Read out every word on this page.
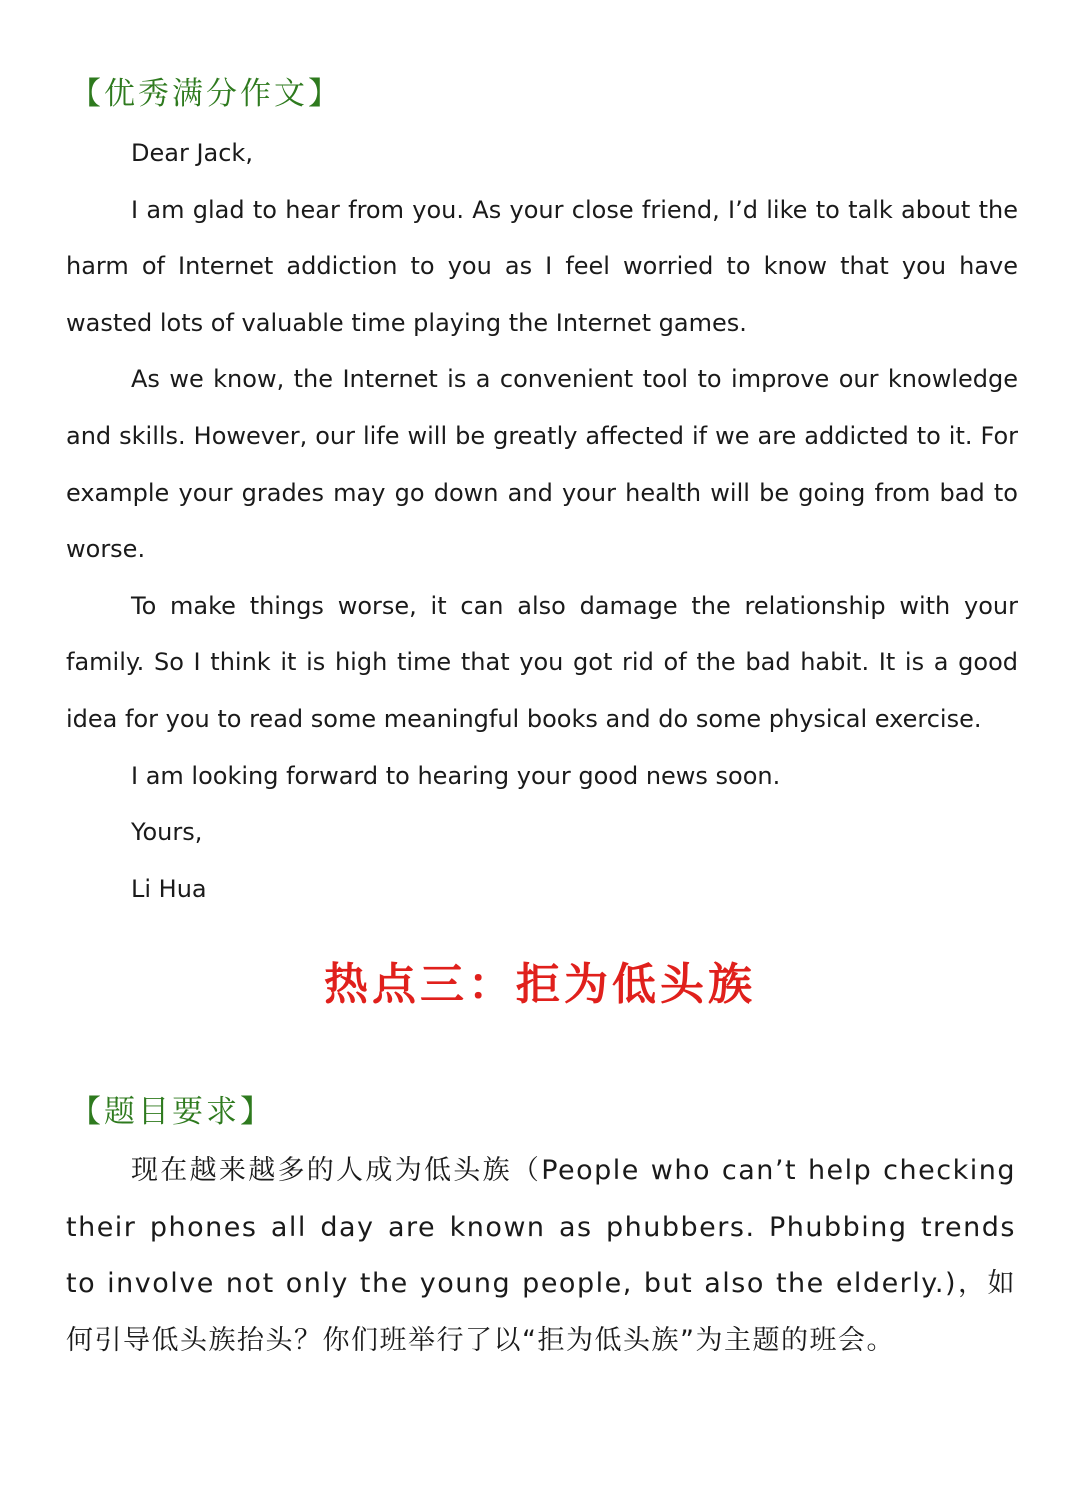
【优秀满分作文】

Dear Jack,

I am glad to hear from you. As your close friend, I’d like to talk about the harm of Internet addiction to you as I feel worried to know that you have wasted lots of valuable time playing the Internet games.

As we know, the Internet is a convenient tool to improve our knowledge and skills. However, our life will be greatly affected if we are addicted to it. For example your grades may go down and your health will be going from bad to worse.

To make things worse, it can also damage the relationship with your family. So I think it is high time that you got rid of the bad habit. It is a good idea for you to read some meaningful books and do some physical exercise.

I am looking forward to hearing your good news soon.

Yours,

Li Hua

热点三：拒为低头族
【题目要求】

现在越来越多的人成为低头族（People who can’t help checking their phones all day are known as phubbers. Phubbing trends to involve not only the young people, but also the elderly.)，如何引导低头族抬头？你们班举行了以“拒为低头族”为主题的班会。
